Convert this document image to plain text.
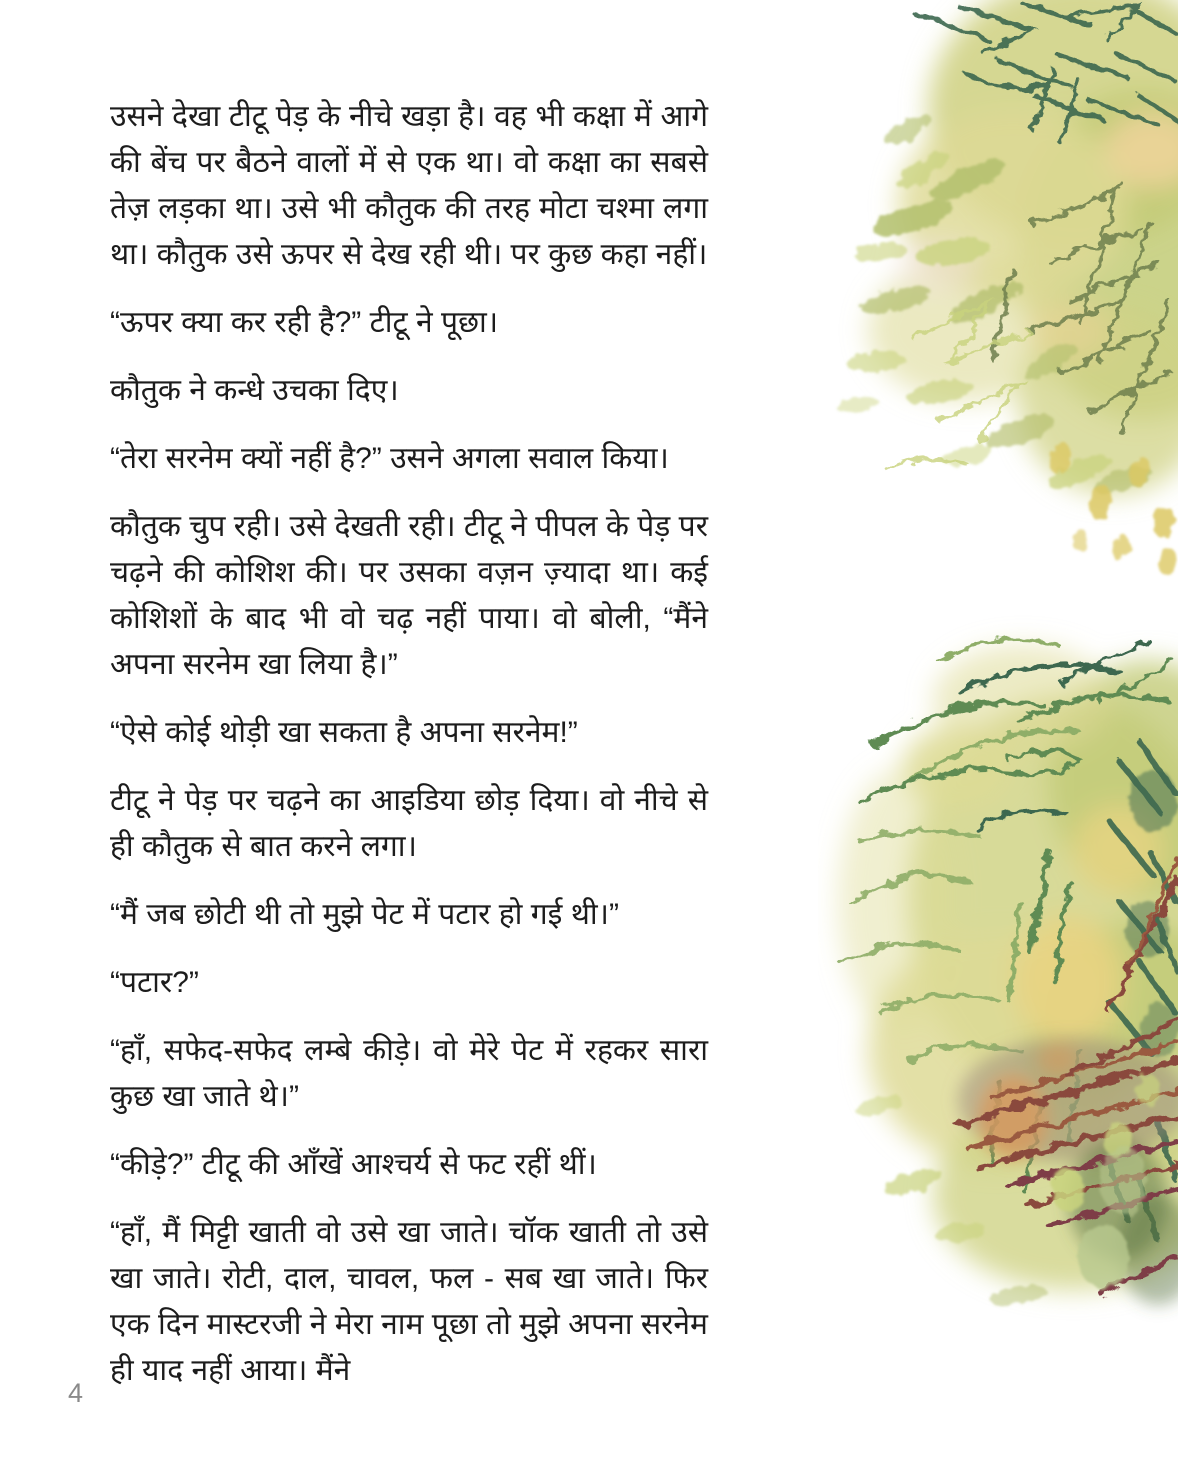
उसने देखा टीटू पेड़ के नीचे खड़ा है। वह भी कक्षा में आगे की बेंच पर बैठने वालों में से एक था। वो कक्षा का सबसे तेज़ लड़का था। उसे भी कौतुक की तरह मोटा चश्मा लगा था। कौतुक उसे ऊपर से देख रही थी। पर कुछ कहा नहीं।

“ऊपर क्या कर रही है?” टीटू ने पूछा।

कौतुक ने कन्धे उचका दिए।

“तेरा सरनेम क्यों नहीं है?” उसने अगला सवाल किया।

कौतुक चुप रही। उसे देखती रही। टीटू ने पीपल के पेड़ पर चढ़ने की कोशिश की। पर उसका वज़न ज़्यादा था। कई कोशिशों के बाद भी वो चढ़ नहीं पाया। वो बोली, “मैंने अपना सरनेम खा लिया है।”

“ऐसे कोई थोड़ी खा सकता है अपना सरनेम!”

टीटू ने पेड़ पर चढ़ने का आइडिया छोड़ दिया। वो नीचे से ही कौतुक से बात करने लगा।

“मैं जब छोटी थी तो मुझे पेट में पटार हो गई थी।”

“पटार?”

“हाँ, सफेद-सफेद लम्बे कीड़े। वो मेरे पेट में रहकर सारा कुछ खा जाते थे।”

“कीड़े?” टीटू की आँखें आश्चर्य से फट रहीं थीं।

“हाँ, मैं मिट्टी खाती वो उसे खा जाते। चॉक खाती तो उसे खा जाते। रोटी, दाल, चावल, फल - सब खा जाते। फिर एक दिन मास्टरजी ने मेरा नाम पूछा तो मुझे अपना सरनेम ही याद नहीं आया। मैंने

4
